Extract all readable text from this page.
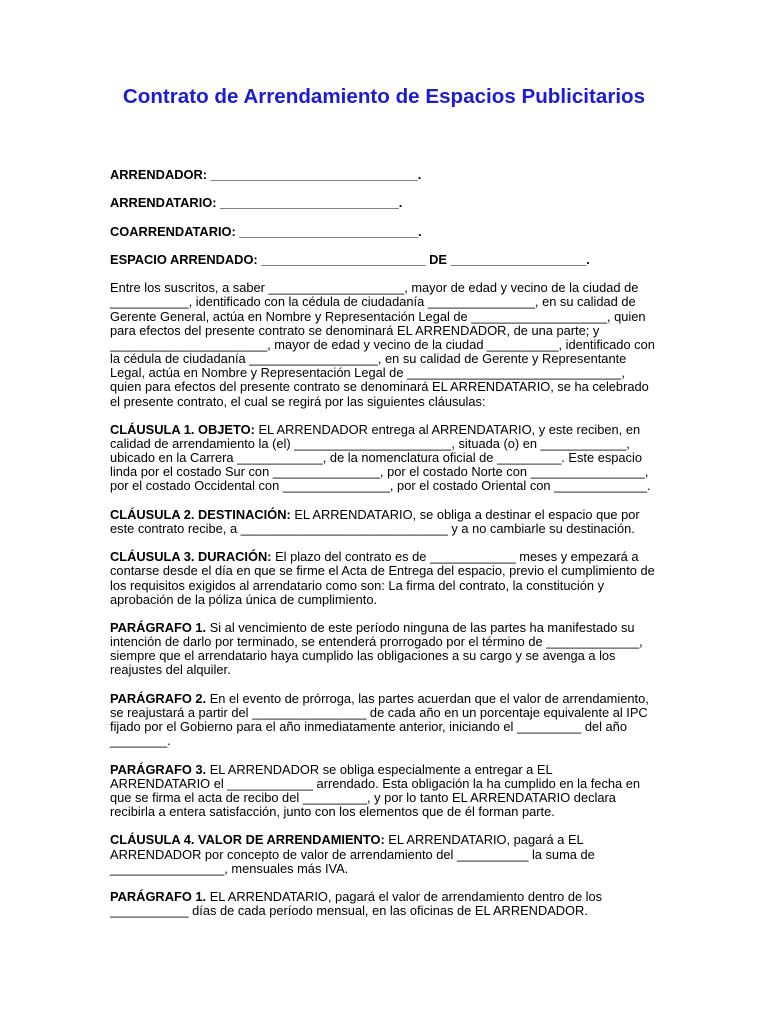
Contrato de Arrendamiento de Espacios Publicitarios
ARRENDADOR: _____________________________.
ARRENDATARIO: _________________________.
COARRENDATARIO: _________________________.
ESPACIO ARRENDADO: _______________________ DE ___________________.
Entre los suscritos, a saber ___________________, mayor de edad y vecino de la ciudad de
___________, identificado con la cédula de ciudadanía _______________, en su calidad de
Gerente General, actúa en Nombre y Representación Legal de ___________________, quien
para efectos del presente contrato se denominará EL ARRENDADOR, de una parte; y
______________________, mayor de edad y vecino de la ciudad __________, identificado con
la cédula de ciudadanía __________________, en su calidad de Gerente y Representante
Legal, actúa en Nombre y Representación Legal de ______________________________,
quien para efectos del presente contrato se denominará EL ARRENDATARIO, se ha celebrado
el presente contrato, el cual se regirá por las siguientes cláusulas:
CLÁUSULA 1. OBJETO: EL ARRENDADOR entrega al ARRENDATARIO, y este reciben, en
calidad de arrendamiento la (el) ______________________, situada (o) en ____________,
ubicado en la Carrera ____________, de la nomenclatura oficial de _________. Este espacio
linda por el costado Sur con _______________, por el costado Norte con ________________,
por el costado Occidental con _______________, por el costado Oriental con _____________.
CLÁUSULA 2. DESTINACIÓN: EL ARRENDATARIO, se obliga a destinar el espacio que por
este contrato recibe, a _____________________________ y a no cambiarle su destinación.
CLÁUSULA 3. DURACIÓN: El plazo del contrato es de ____________ meses y empezará a
contarse desde el día en que se firme el Acta de Entrega del espacio, previo el cumplimiento de
los requisitos exigidos al arrendatario como son: La firma del contrato, la constitución y
aprobación de la póliza única de cumplimiento.
PARÁGRAFO 1. Si al vencimiento de este período ninguna de las partes ha manifestado su
intención de darlo por terminado, se entenderá prorrogado por el término de _____________,
siempre que el arrendatario haya cumplido las obligaciones a su cargo y se avenga a los
reajustes del alquiler.
PARÁGRAFO 2. En el evento de prórroga, las partes acuerdan que el valor de arrendamiento,
se reajustará a partir del ________________ de cada año en un porcentaje equivalente al IPC
fijado por el Gobierno para el año inmediatamente anterior, iniciando el _________ del año
________.
PARÁGRAFO 3. EL ARRENDADOR se obliga especialmente a entregar a EL
ARRENDATARIO el ____________ arrendado. Esta obligación la ha cumplido en la fecha en
que se firma el acta de recibo del _________, y por lo tanto EL ARRENDATARIO declara
recibirla a entera satisfacción, junto con los elementos que de él forman parte.
CLÁUSULA 4. VALOR DE ARRENDAMIENTO: EL ARRENDATARIO, pagará a EL
ARRENDADOR por concepto de valor de arrendamiento del __________ la suma de
________________, mensuales más IVA.
PARÁGRAFO 1. EL ARRENDATARIO, pagará el valor de arrendamiento dentro de los
___________ días de cada período mensual, en las oficinas de EL ARRENDADOR.
